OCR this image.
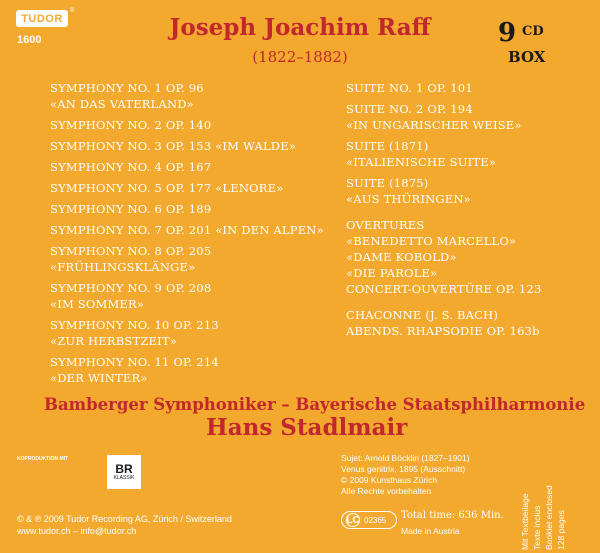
TUDOR
®
1600	Joseph Joachim Raff
(1822–1882)
9 CD
BOX
SYMPHONY NO. 1 OP. 96
«AN DAS VATERLAND»
SYMPHONY NO. 2 OP. 140
SYMPHONY NO. 3 OP. 153 «IM WALDE»
SYMPHONY NO. 4 OP. 167
SYMPHONY NO. 5 OP. 177 «LENORE»
SYMPHONY NO. 6 OP. 189
SYMPHONY NO. 7 OP. 201 «IN DEN ALPEN»
SYMPHONY NO. 8 OP. 205
«FRÜHLINGSKLÄNGE»
SYMPHONY NO. 9 OP. 208
«IM SOMMER»
SYMPHONY NO. 10 OP. 213
«ZUR HERBSTZEIT»
SYMPHONY NO. 11 OP. 214
«DER WINTER»
SUITE NO. 1 OP. 101
SUITE NO. 2 OP. 194
«IN UNGARISCHER WEISE»
SUITE (1871)
«ITALIENISCHE SUITE»
SUITE (1875)
«AUS THÜRINGEN»
OVERTURES
«BENEDETTO MARCELLO»
«DAME KOBOLD»
«DIE PAROLE»
CONCERT-OUVERTÜRE OP. 123
CHACONNE (J. S. BACH)
ABENDS. RHAPSODIE OP. 163b
Bamberger Symphoniker – Bayerische Staatsphilharmonie
Hans Stadlmair
KOPRODUKTION MIT
BR
KLASSIK
© & ℗ 2009 Tudor Recording AG, Zürich / Switzerland
www.tudor.ch – info@tudor.ch
Sujet: Arnold Böcklin (1827–1901)
Venus genitrix, 1895 (Ausschnitt)
© 2009 Kunsthaus Zürich
Alle Rechte vorbehalten
LC 02365 Total time: 636 Min.
Made in Austria	Mit Textbeilage Texte inclus Booklet enclosed 128 pages
